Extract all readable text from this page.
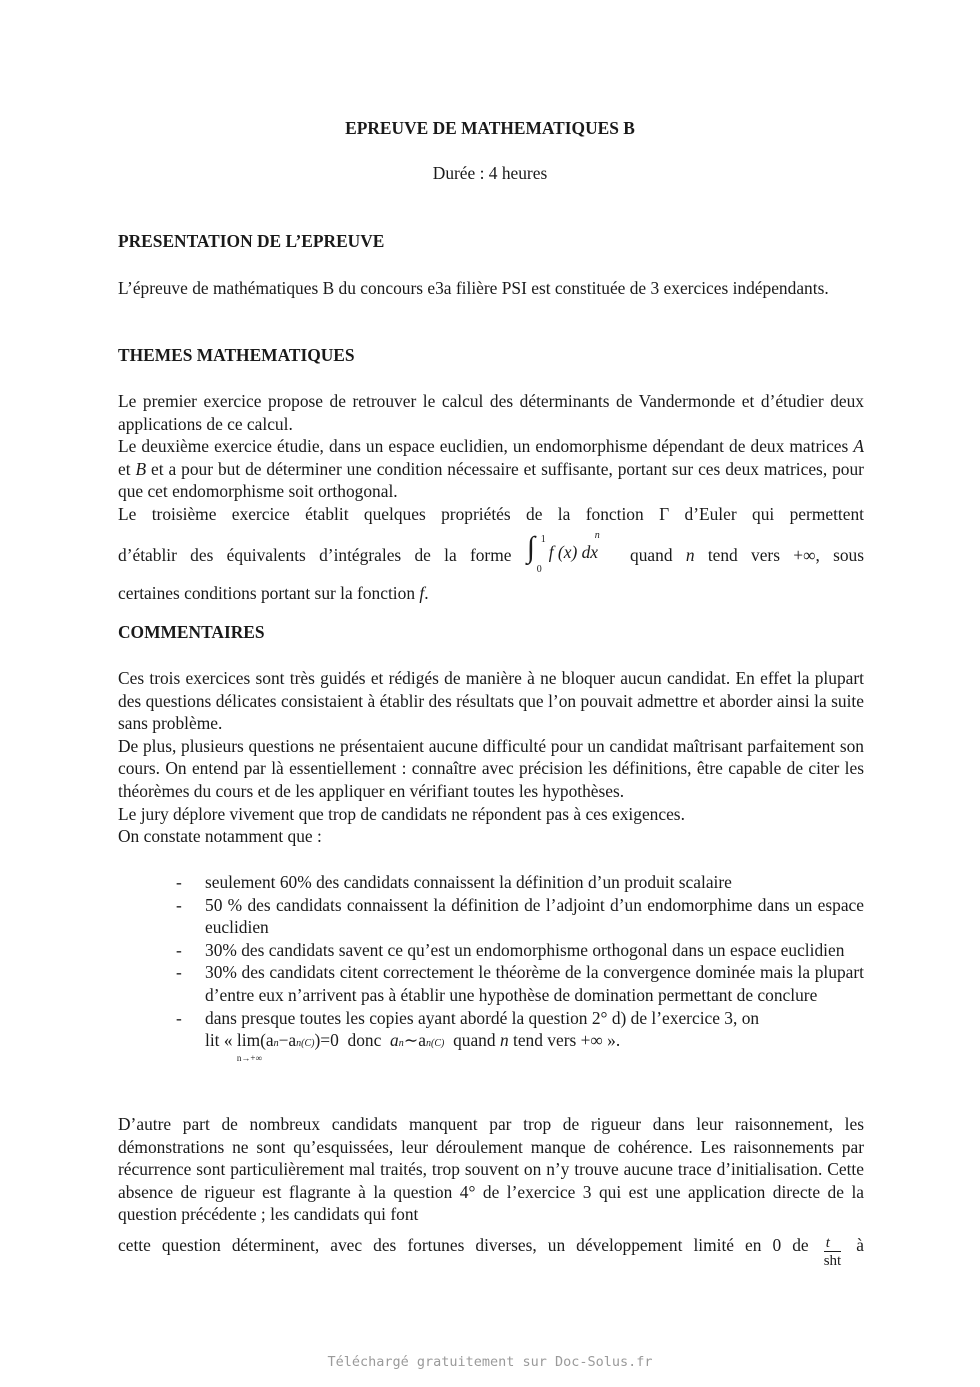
EPREUVE DE MATHEMATIQUES B
Durée : 4 heures
PRESENTATION DE L’EPREUVE

L’épreuve de mathématiques B du concours e3a filière PSI est constituée de 3 exercices indépendants.

THEMES MATHEMATIQUES

Le premier exercice propose de retrouver le calcul des déterminants de Vandermonde et d’étudier deux applications de ce calcul.

Le deuxième exercice étudie, dans un espace euclidien, un endomorphisme dépendant de deux matrices A et B et a pour but de déterminer une condition nécessaire et suffisante, portant sur ces deux matrices, pour que cet endomorphisme soit orthogonal.

Le troisième exercice établit quelques propriétés de la fonction Γ d’Euler qui permettent

d’établir des équivalents d’intégrales de la forme ∫ 1
0
f (x) dx
n
quand n tend vers +∞, sous

certaines conditions portant sur la fonction f.

COMMENTAIRES

Ces trois exercices sont très guidés et rédigés de manière à ne bloquer aucun candidat. En effet la plupart des questions délicates consistaient à établir des résultats que l’on pouvait admettre et aborder ainsi la suite sans problème.

De plus, plusieurs questions ne présentaient aucune difficulté pour un candidat maîtrisant parfaitement son cours. On entend par là essentiellement : connaître avec précision les définitions, être capable de citer les théorèmes du cours et de les appliquer en vérifiant toutes les hypothèses.

Le jury déplore vivement que trop de candidats ne répondent pas à ces exigences.

On constate notamment que :

- seulement 60% des candidats connaissent la définition d’un produit scalaire
- 50 % des candidats connaissent la définition de l’adjoint d’un endomorphime dans un espace euclidien
- 30% des candidats savent ce qu’est un endomorphisme orthogonal dans un espace euclidien
- 30% des candidats citent correctement le théorème de la convergence dominée mais la plupart d’entre eux n’arrivent pas à établir une hypothèse de domination permettant de conclure
- dans presque toutes les copies ayant abordé la question 2° d) de l’exercice 3, on
lit « lim
n→+∞
(an−an(C))=0 donc an∼an(C) quand n tend vers +∞ ».

D’autre part de nombreux candidats manquent par trop de rigueur dans leur raisonnement, les démonstrations ne sont qu’esquissées, leur déroulement manque de cohérence. Les raisonnements par récurrence sont particulièrement mal traités, trop souvent on n’y trouve aucune trace d’initialisation. Cette absence de rigueur est flagrante à la question 4° de l’exercice 3 qui est une application directe de la question précédente ; les candidats qui font

cette question déterminent, avec des fortunes diverses, un développement limité en 0 de $\frac{t}{\text{sht}}$ à

Téléchargé gratuitement sur Doc-Solus.fr
